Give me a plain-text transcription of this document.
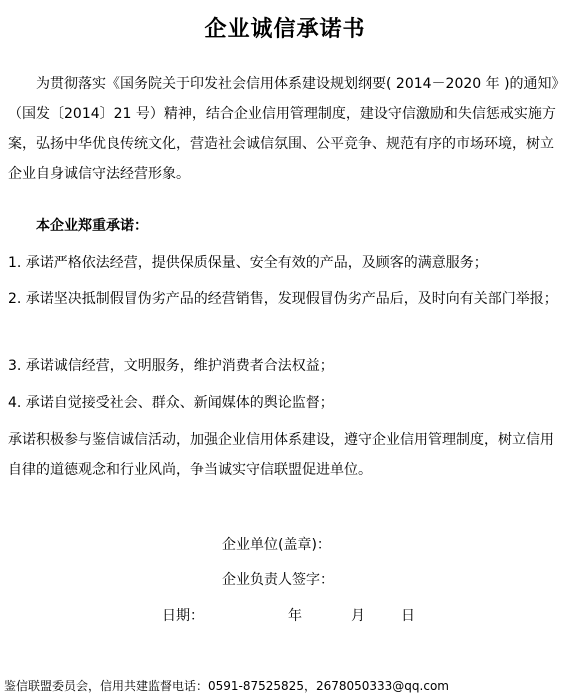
企业诚信承诺书
为贯彻落实《国务院关于印发社会信用体系建设规划纲要( 2014－2020 年 )的通知》（国发〔2014〕21 号）精神，结合企业信用管理制度，建设守信激励和失信惩戒实施方案，弘扬中华优良传统文化，营造社会诚信氛围、公平竞争、规范有序的市场环境，树立企业自身诚信守法经营形象。
本企业郑重承诺：
1. 承诺严格依法经营，提供保质保量、安全有效的产品，及顾客的满意服务；
2. 承诺坚决抵制假冒伪劣产品的经营销售，发现假冒伪劣产品后，及时向有关部门举报；
3. 承诺诚信经营，文明服务，维护消费者合法权益；
4. 承诺自觉接受社会、群众、新闻媒体的舆论监督；
承诺积极参与鉴信诚信活动，加强企业信用体系建设，遵守企业信用管理制度，树立信用自律的道德观念和行业风尚，争当诚实守信联盟促进单位。
企业单位(盖章)：
企业负责人签字：
日期：	年	月	日
鉴信联盟委员会，信用共建监督电话：0591-87525825，2678050333@qq.com
